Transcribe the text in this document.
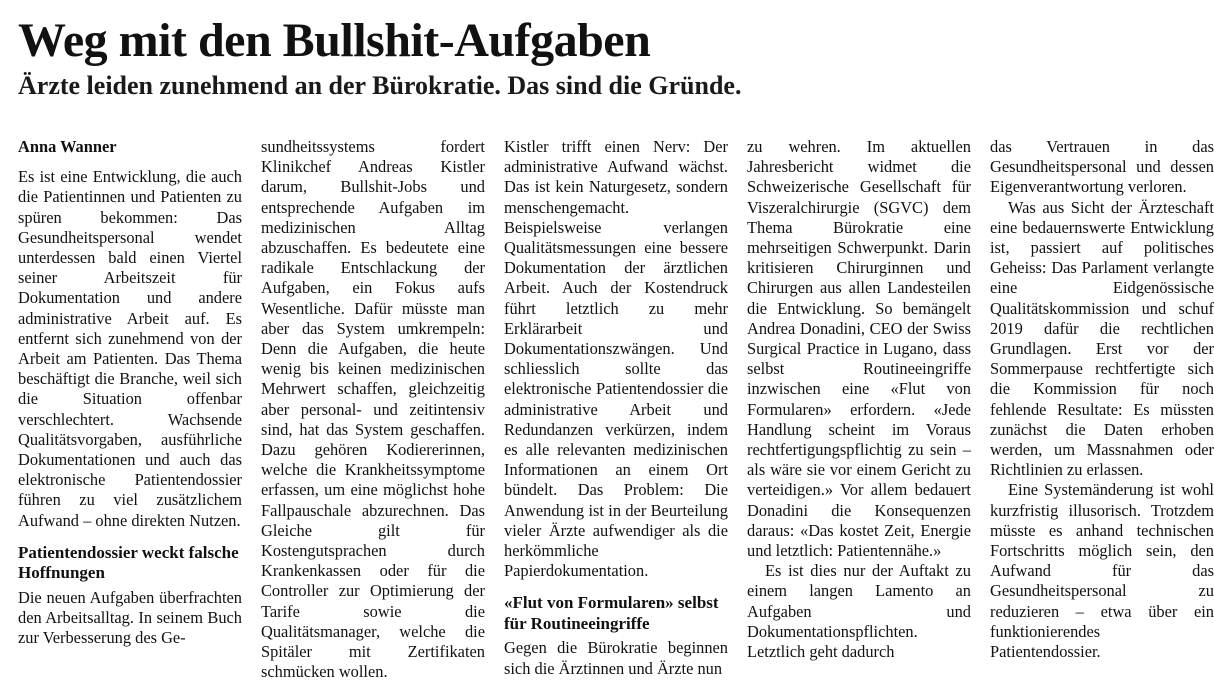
Weg mit den Bullshit-Aufgaben
Ärzte leiden zunehmend an der Bürokratie. Das sind die Gründe.

Anna Wanner

Es ist eine Entwicklung, die auch die Patientinnen und Patienten zu spüren bekommen: Das Gesundheitspersonal wendet unterdessen bald einen Viertel seiner Arbeitszeit für Dokumentation und andere administrative Arbeit auf. Es entfernt sich zunehmend von der Arbeit am Patienten. Das Thema beschäftigt die Branche, weil sich die Situation offenbar verschlechtert. Wachsende Qualitätsvorgaben, ausführliche Dokumentationen und auch das elektronische Patientendossier führen zu viel zusätzlichem Aufwand – ohne direkten Nutzen.

Patientendossier weckt falsche Hoffnungen

Die neuen Aufgaben überfrachten den Arbeitsalltag. In seinem Buch zur Verbesserung des Ge-

sundheitssystems fordert Klinikchef Andreas Kistler darum, Bullshit-Jobs und entsprechende Aufgaben im medizinischen Alltag abzuschaffen. Es bedeutete eine radikale Entschlackung der Aufgaben, ein Fokus aufs Wesentliche. Dafür müsste man aber das System umkrempeln: Denn die Aufgaben, die heute wenig bis keinen medizinischen Mehrwert schaffen, gleichzeitig aber personal- und zeitintensiv sind, hat das System geschaffen. Dazu gehören Kodiererinnen, welche die Krankheitssymptome erfassen, um eine möglichst hohe Fallpauschale abzurechnen. Das Gleiche gilt für Kostengutsprachen durch Krankenkassen oder für die Controller zur Optimierung der Tarife sowie die Qualitätsmanager, welche die Spitäler mit Zertifikaten schmücken wollen.

Kistler trifft einen Nerv: Der administrative Aufwand wächst. Das ist kein Naturgesetz, sondern menschengemacht. Beispielsweise verlangen Qualitätsmessungen eine bessere Dokumentation der ärztlichen Arbeit. Auch der Kostendruck führt letztlich zu mehr Erklärarbeit und Dokumentationszwängen. Und schliesslich sollte das elektronische Patientendossier die administrative Arbeit und Redundanzen verkürzen, indem es alle relevanten medizinischen Informationen an einem Ort bündelt. Das Problem: Die Anwendung ist in der Beurteilung vieler Ärzte aufwendiger als die herkömmliche Papierdokumentation.

«Flut von Formularen» selbst für Routineeingriffe

Gegen die Bürokratie beginnen sich die Ärztinnen und Ärzte nun

zu wehren. Im aktuellen Jahresbericht widmet die Schweizerische Gesellschaft für Viszeralchirurgie (SGVC) dem Thema Bürokratie eine mehrseitigen Schwerpunkt. Darin kritisieren Chirurginnen und Chirurgen aus allen Landesteilen die Entwicklung. So bemängelt Andrea Donadini, CEO der Swiss Surgical Practice in Lugano, dass selbst Routineeingriffe inzwischen eine «Flut von Formularen» erfordern. «Jede Handlung scheint im Voraus rechtfertigungspflichtig zu sein – als wäre sie vor einem Gericht zu verteidigen.» Vor allem bedauert Donadini die Konsequenzen daraus: «Das kostet Zeit, Energie und letztlich: Patientennähe.»

Es ist dies nur der Auftakt zu einem langen Lamento an Aufgaben und Dokumentationspflichten. Letztlich geht dadurch

das Vertrauen in das Gesundheitspersonal und dessen Eigenverantwortung verloren.

Was aus Sicht der Ärzteschaft eine bedauernswerte Entwicklung ist, passiert auf politisches Geheiss: Das Parlament verlangte eine Eidgenössische Qualitätskommission und schuf 2019 dafür die rechtlichen Grundlagen. Erst vor der Sommerpause rechtfertigte sich die Kommission für noch fehlende Resultate: Es müssten zunächst die Daten erhoben werden, um Massnahmen oder Richtlinien zu erlassen.

Eine Systemänderung ist wohl kurzfristig illusorisch. Trotzdem müsste es anhand technischen Fortschritts möglich sein, den Aufwand für das Gesundheitspersonal zu reduzieren – etwa über ein funktionierendes Patientendossier.
